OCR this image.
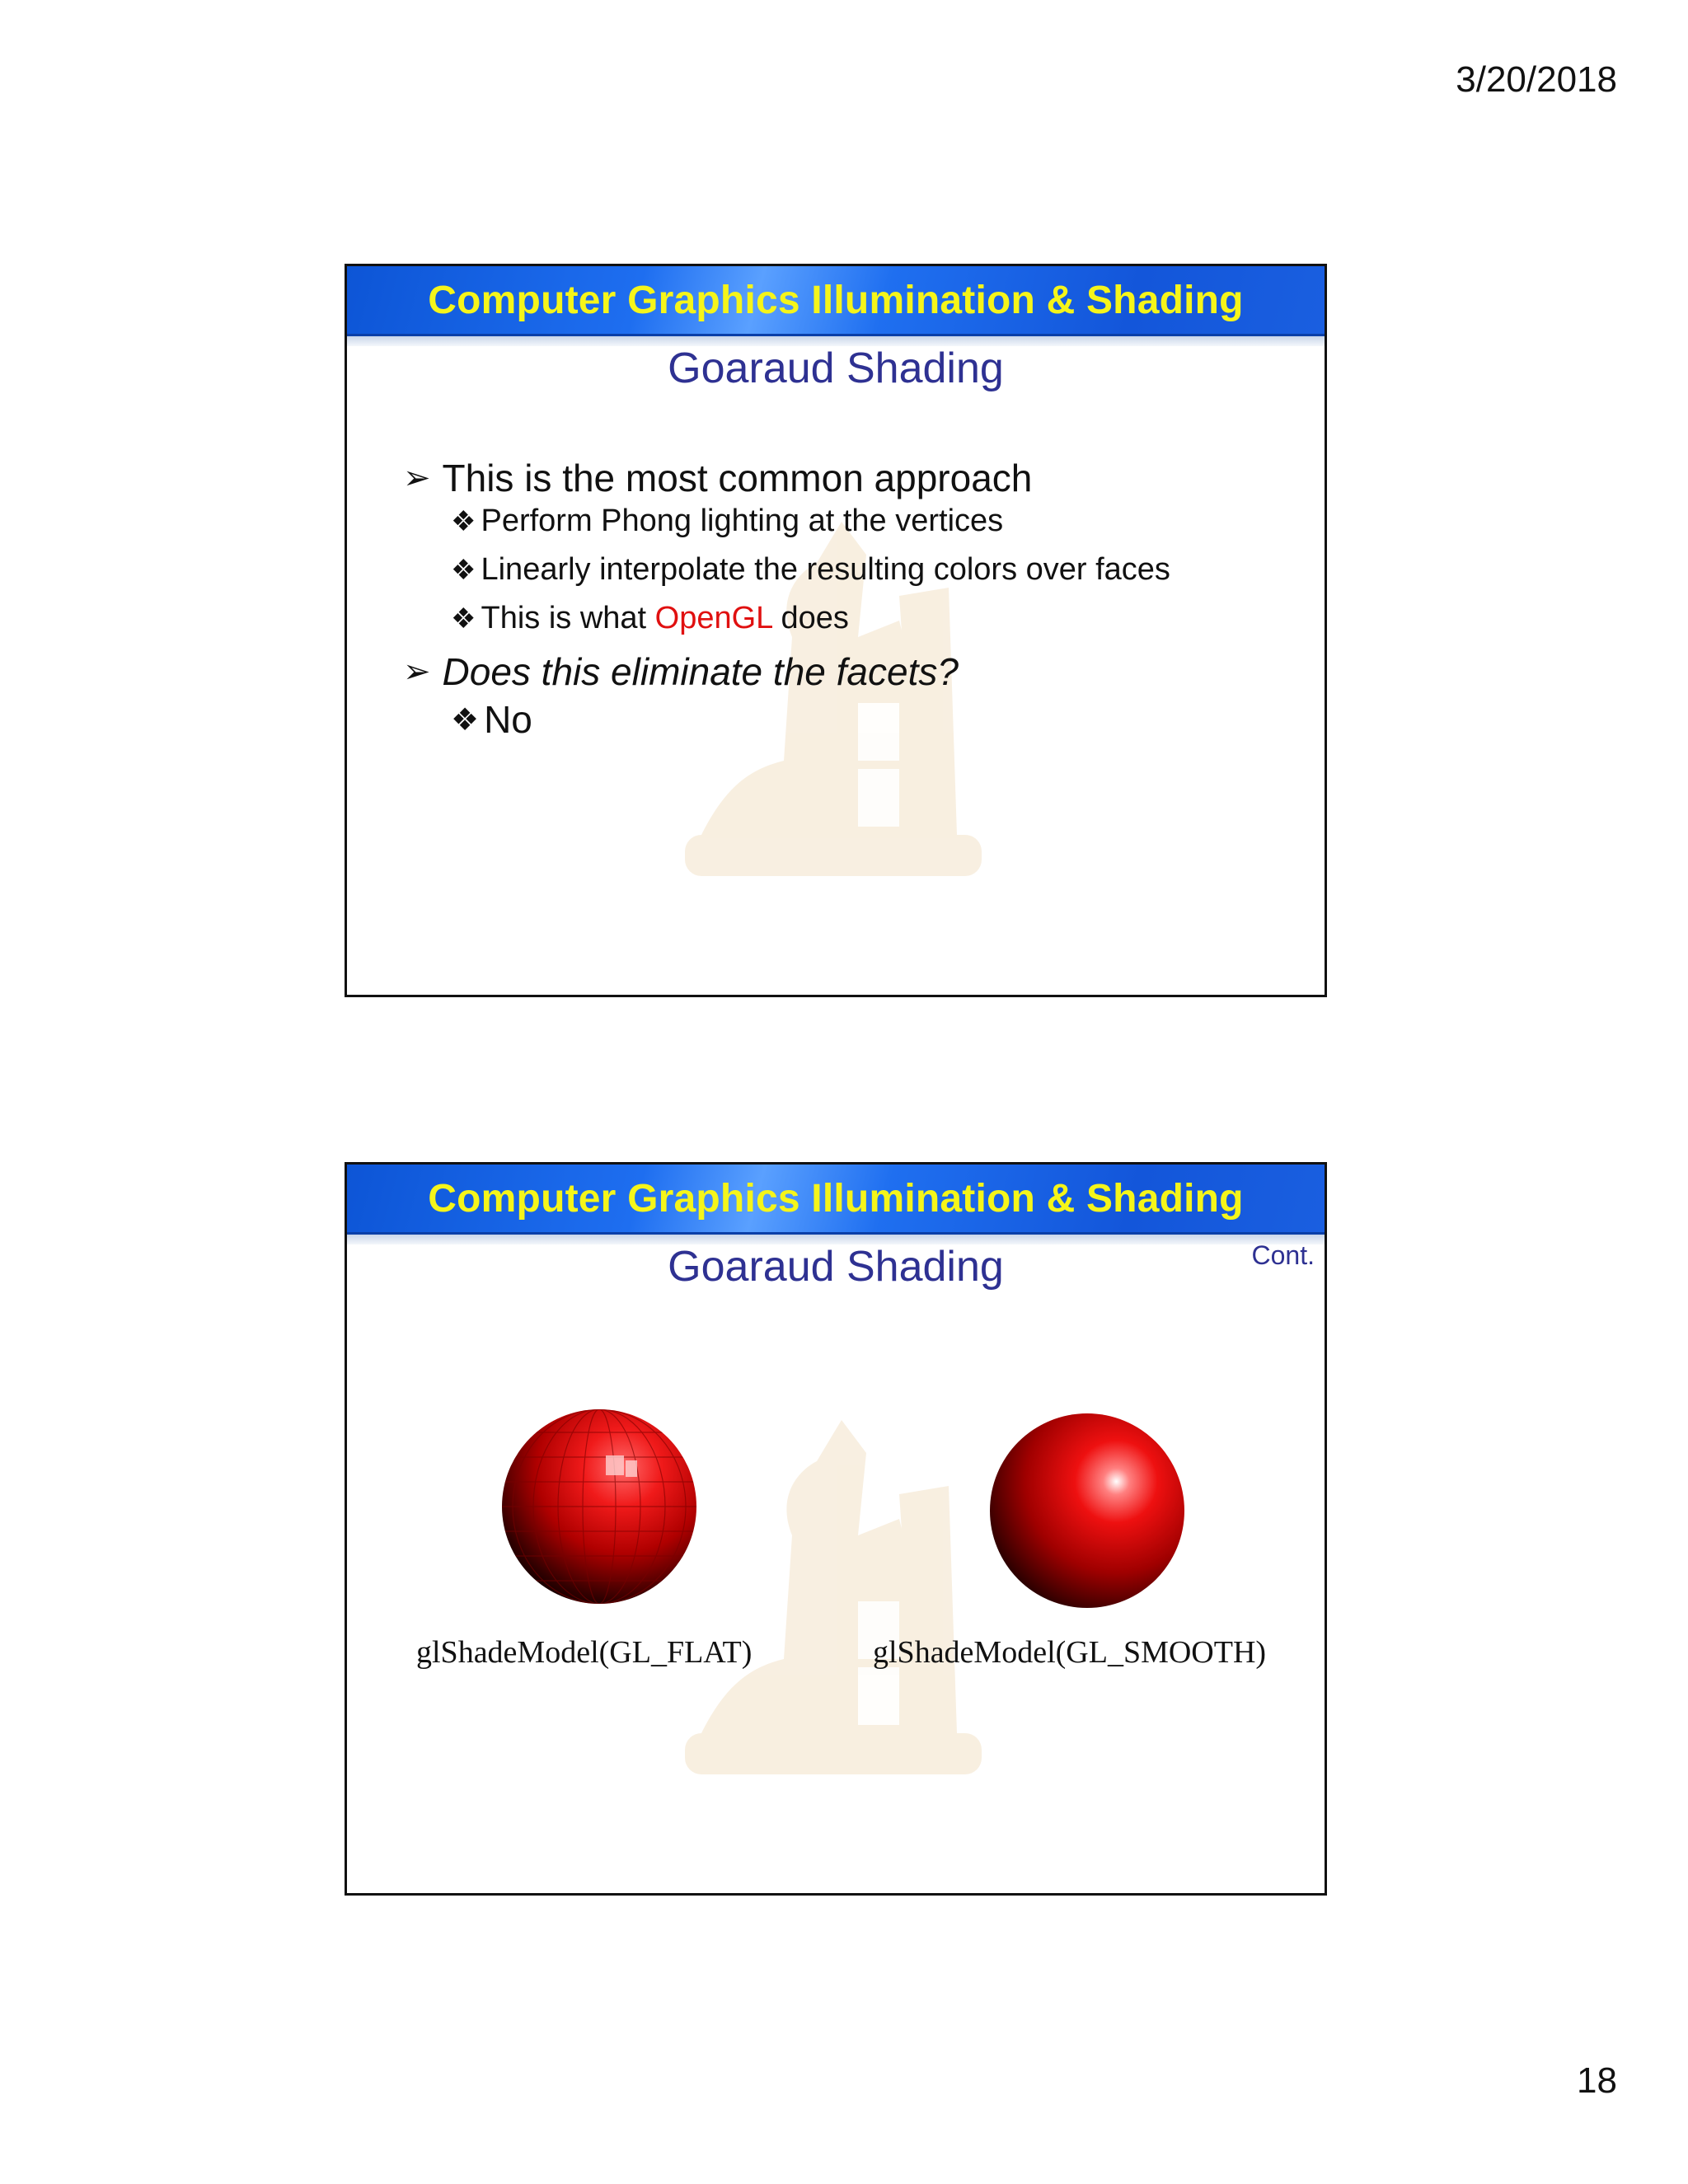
3/20/2018
Computer Graphics Illumination & Shading
Goaraud Shading
➢ This is the most common approach
❖ Perform Phong lighting at the vertices
❖ Linearly interpolate the resulting colors over faces
❖ This is what OpenGL does
➢ Does this eliminate the facets?
❖ No
Computer Graphics Illumination & Shading
Goaraud Shading	Cont.
glShadeModel(GL_FLAT)	glShadeModel(GL_SMOOTH)
18
